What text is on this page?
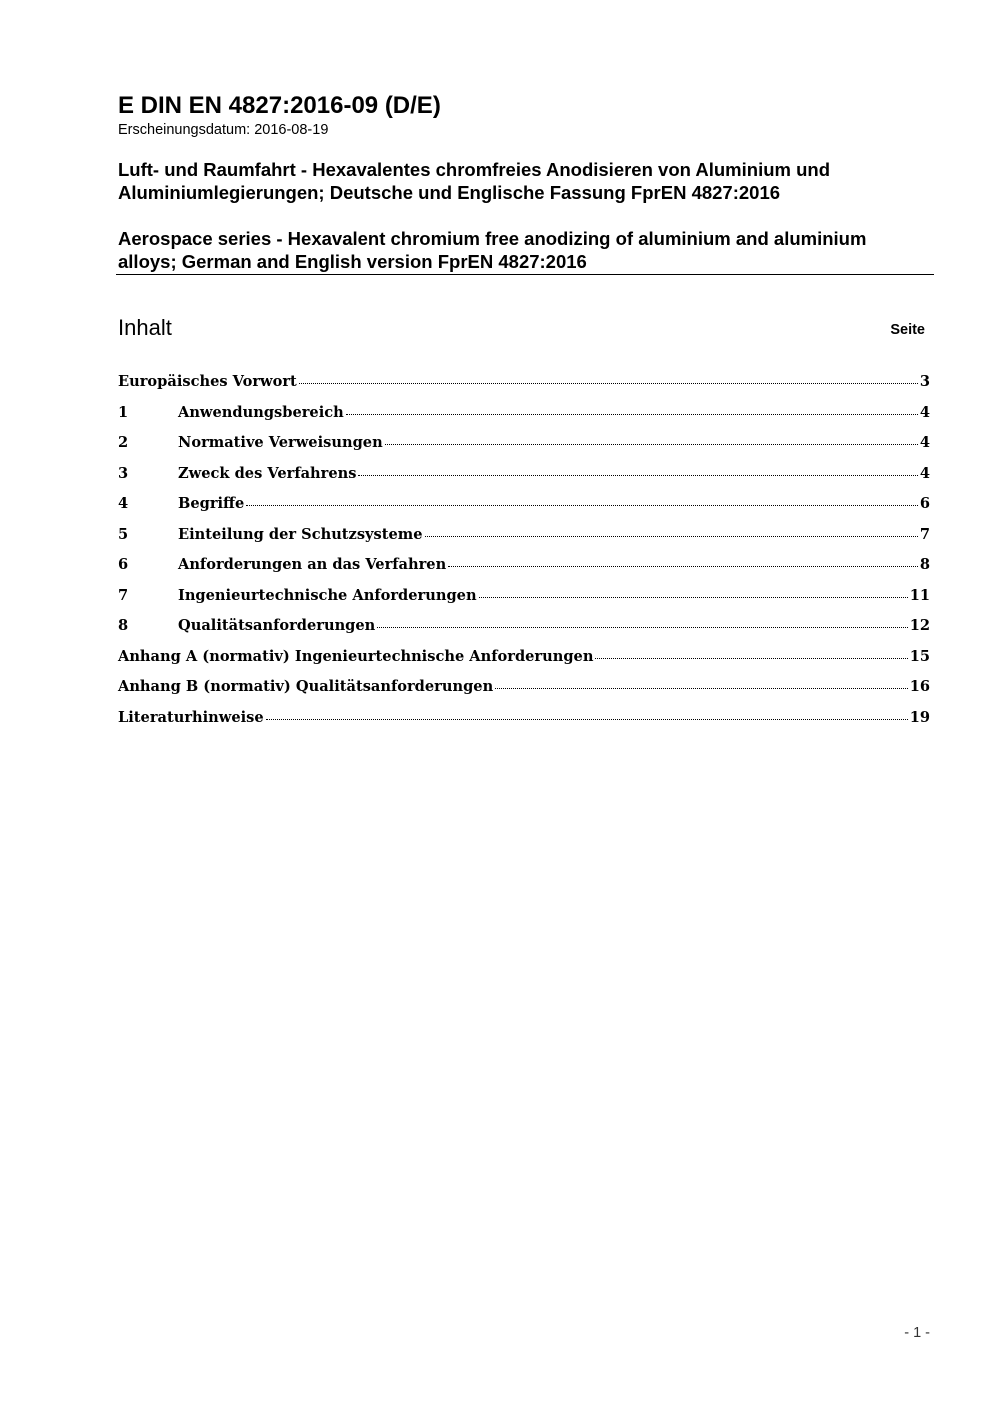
E DIN EN 4827:2016-09 (D/E)
Erscheinungsdatum: 2016-08-19
Luft- und Raumfahrt - Hexavalentes chromfreies Anodisieren von Aluminium und
Aluminiumlegierungen; Deutsche und Englische Fassung FprEN 4827:2016
Aerospace series - Hexavalent chromium free anodizing of aluminium and aluminium
alloys; German and English version FprEN 4827:2016
Inhalt	Seite
Europäisches Vorwort	3
1	Anwendungsbereich	4
2	Normative Verweisungen	4
3	Zweck des Verfahrens	4
4	Begriffe	6
5	Einteilung der Schutzsysteme	7
6	Anforderungen an das Verfahren	8
7	Ingenieurtechnische Anforderungen	11
8	Qualitätsanforderungen	12
Anhang A (normativ) Ingenieurtechnische Anforderungen	15
Anhang B (normativ) Qualitätsanforderungen	16
Literaturhinweise	19
- 1 -
